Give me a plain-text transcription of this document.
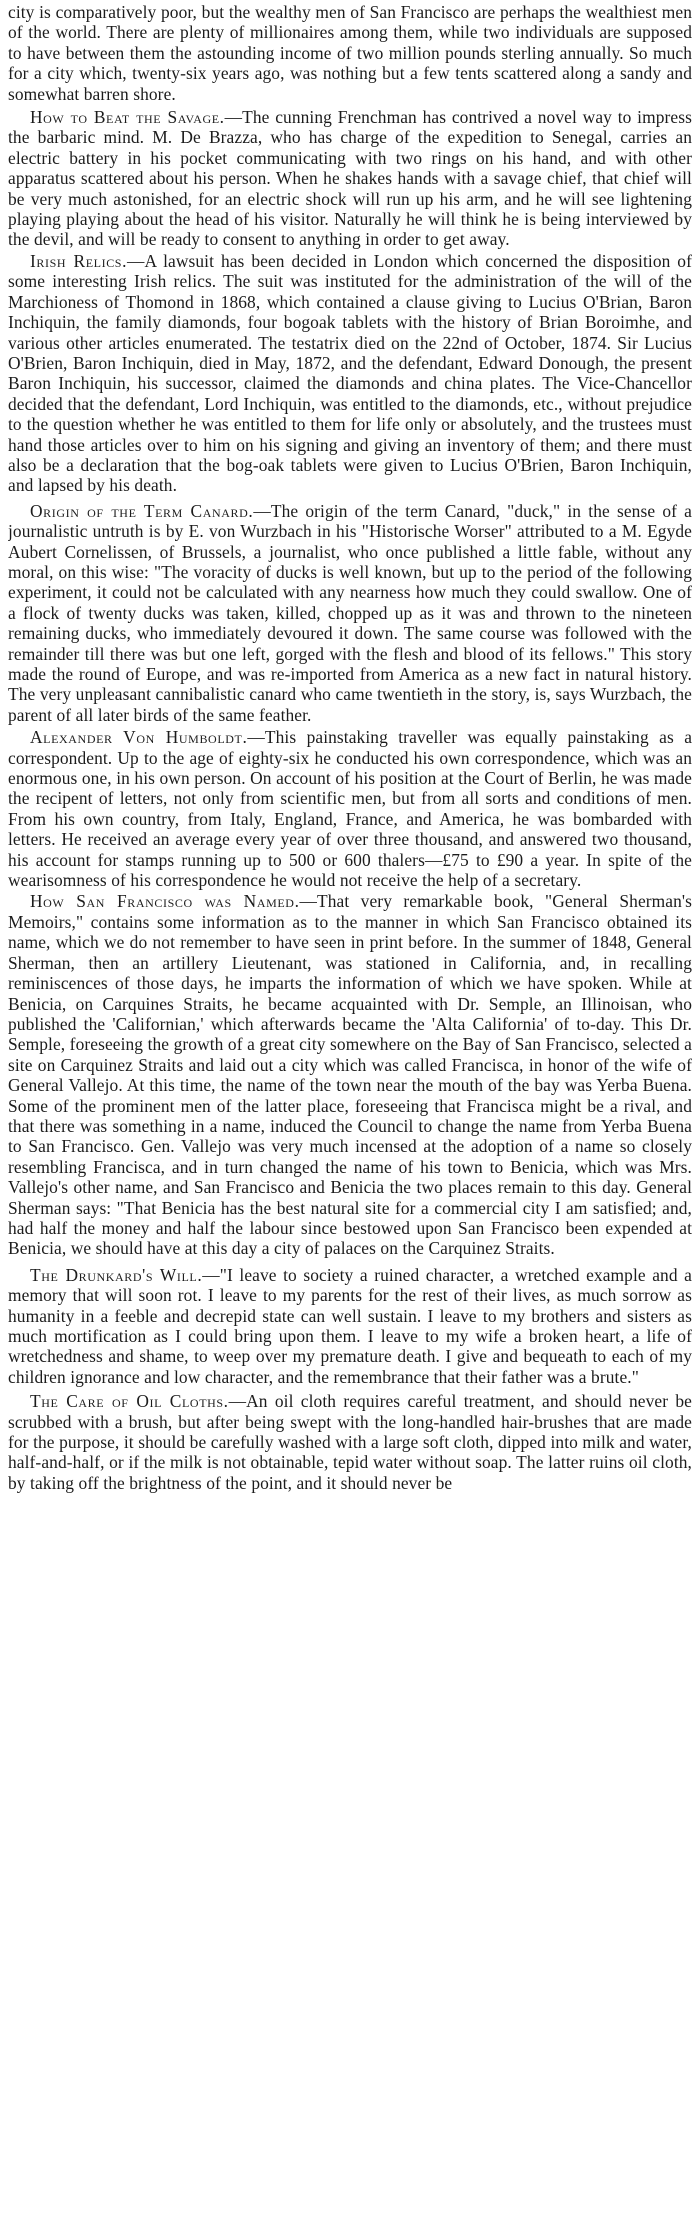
city is comparatively poor, but the wealthy men of San Francisco are perhaps the wealthiest men of the world. There are plenty of millionaires among them, while two individuals are supposed to have between them the astounding income of two million pounds sterling annually. So much for a city which, twenty-six years ago, was nothing but a few tents scattered along a sandy and somewhat barren shore.

How to Beat the Savage.—The cunning Frenchman has contrived a novel way to impress the barbaric mind. M. De Brazza, who has charge of the expedition to Senegal, carries an electric battery in his pocket communicating with two rings on his hand, and with other apparatus scattered about his person. When he shakes hands with a savage chief, that chief will be very much astonished, for an electric shock will run up his arm, and he will see lightening playing playing about the head of his visitor. Naturally he will think he is being interviewed by the devil, and will be ready to consent to anything in order to get away.

Irish Relics.—A lawsuit has been decided in London which concerned the disposition of some interesting Irish relics. The suit was instituted for the administration of the will of the Marchioness of Thomond in 1868, which contained a clause giving to Lucius O'Brian, Baron Inchiquin, the family diamonds, four bogoak tablets with the history of Brian Boroimhe, and various other articles enumerated. The testatrix died on the 22nd of October, 1874. Sir Lucius O'Brien, Baron Inchiquin, died in May, 1872, and the defendant, Edward Donough, the present Baron Inchiquin, his successor, claimed the diamonds and china plates. The Vice-Chancellor decided that the defendant, Lord Inchiquin, was entitled to the diamonds, etc., without prejudice to the question whether he was entitled to them for life only or absolutely, and the trustees must hand those articles over to him on his signing and giving an inventory of them; and there must also be a declaration that the bog-oak tablets were given to Lucius O'Brien, Baron Inchiquin, and lapsed by his death.

Origin of the Term Canard.—The origin of the term Canard, "duck," in the sense of a journalistic untruth is by E. von Wurzbach in his "Historische Worser" attributed to a M. Egyde Aubert Cornelissen, of Brussels, a journalist, who once published a little fable, without any moral, on this wise: "The voracity of ducks is well known, but up to the period of the following experiment, it could not be calculated with any nearness how much they could swallow. One of a flock of twenty ducks was taken, killed, chopped up as it was and thrown to the nineteen remaining ducks, who immediately devoured it down. The same course was followed with the remainder till there was but one left, gorged with the flesh and blood of its fellows." This story made the round of Europe, and was re-imported from America as a new fact in natural history. The very unpleasant cannibalistic canard who came twentieth in the story, is, says Wurzbach, the parent of all later birds of the same feather.

Alexander Von Humboldt.—This painstaking traveller was equally painstaking as a correspondent. Up to the age of eighty-six he conducted his own correspondence, which was an enormous one, in his own person. On account of his position at the Court of Berlin, he was made the recipent of letters, not only from scientific men, but from all sorts and conditions of men. From his own country, from Italy, England, France, and America, he was bombarded with letters. He received an average every year of over three thousand, and answered two thousand, his account for stamps running up to 500 or 600 thalers—£75 to £90 a year. In spite of the wearisomness of his correspondence he would not receive the help of a secretary.

How San Francisco was Named.—That very remarkable book, "General Sherman's Memoirs," contains some information as to the manner in which San Francisco obtained its name, which we do not remember to have seen in print before. In the summer of 1848, General Sherman, then an artillery Lieutenant, was stationed in California, and, in recalling reminiscences of those days, he imparts the information of which we have spoken. While at Benicia, on Carquines Straits, he became acquainted with Dr. Semple, an Illinoisan, who published the 'Californian,' which afterwards became the 'Alta California' of to-day. This Dr. Semple, foreseeing the growth of a great city somewhere on the Bay of San Francisco, selected a site on Carquinez Straits and laid out a city which was called Francisca, in honor of the wife of General Vallejo. At this time, the name of the town near the mouth of the bay was Yerba Buena. Some of the prominent men of the latter place, foreseeing that Francisca might be a rival, and that there was something in a name, induced the Council to change the name from Yerba Buena to San Francisco. Gen. Vallejo was very much incensed at the adoption of a name so closely resembling Francisca, and in turn changed the name of his town to Benicia, which was Mrs. Vallejo's other name, and San Francisco and Benicia the two places remain to this day. General Sherman says: "That Benicia has the best natural site for a commercial city I am satisfied; and, had half the money and half the labour since bestowed upon San Francisco been expended at Benicia, we should have at this day a city of palaces on the Carquinez Straits.

The Drunkard's Will.—"I leave to society a ruined character, a wretched example and a memory that will soon rot. I leave to my parents for the rest of their lives, as much sorrow as humanity in a feeble and decrepid state can well sustain. I leave to my brothers and sisters as much mortification as I could bring upon them. I leave to my wife a broken heart, a life of wretchedness and shame, to weep over my premature death. I give and bequeath to each of my children ignorance and low character, and the remembrance that their father was a brute."

The Care of Oil Cloths.—An oil cloth requires careful treatment, and should never be scrubbed with a brush, but after being swept with the long-handled hair-brushes that are made for the purpose, it should be carefully washed with a large soft cloth, dipped into milk and water, half-and-half, or if the milk is not obtainable, tepid water without soap. The latter ruins oil cloth, by taking off the brightness of the point, and it should never be
